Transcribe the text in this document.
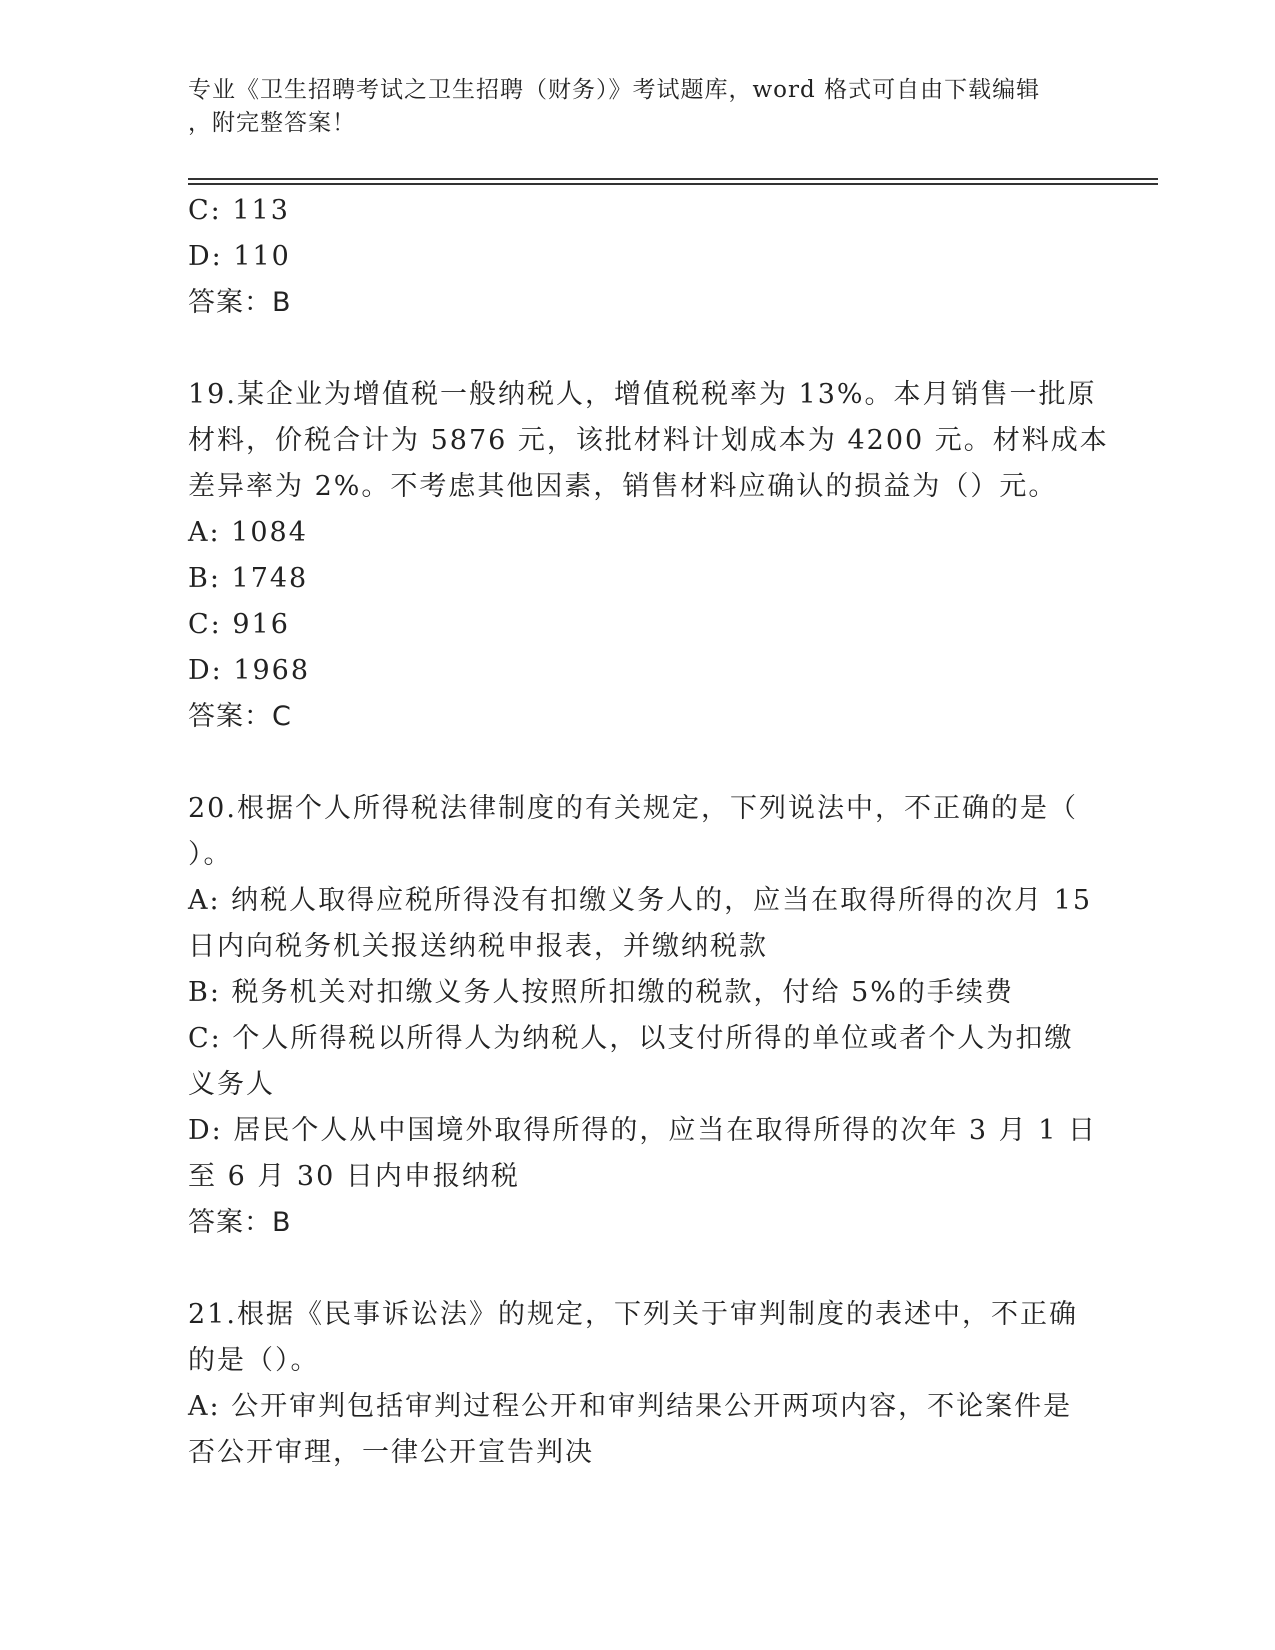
专业《卫生招聘考试之卫生招聘（财务）》考试题库，word 格式可自由下载编辑
，附完整答案！
C: 113
D: 110
答案：B
19.某企业为增值税一般纳税人，增值税税率为 13%。本月销售一批原
材料，价税合计为 5876 元，该批材料计划成本为 4200 元。材料成本
差异率为 2%。不考虑其他因素，销售材料应确认的损益为（）元。
A: 1084
B: 1748
C: 916
D: 1968
答案：C
20.根据个人所得税法律制度的有关规定，下列说法中，不正确的是（
）。
A: 纳税人取得应税所得没有扣缴义务人的，应当在取得所得的次月 15
日内向税务机关报送纳税申报表，并缴纳税款
B: 税务机关对扣缴义务人按照所扣缴的税款，付给 5%的手续费
C: 个人所得税以所得人为纳税人，以支付所得的单位或者个人为扣缴
义务人
D: 居民个人从中国境外取得所得的，应当在取得所得的次年 3 月 1 日
至 6 月 30 日内申报纳税
答案：B
21.根据《民事诉讼法》的规定，下列关于审判制度的表述中，不正确
的是（）。
A: 公开审判包括审判过程公开和审判结果公开两项内容，不论案件是
否公开审理，一律公开宣告判决
